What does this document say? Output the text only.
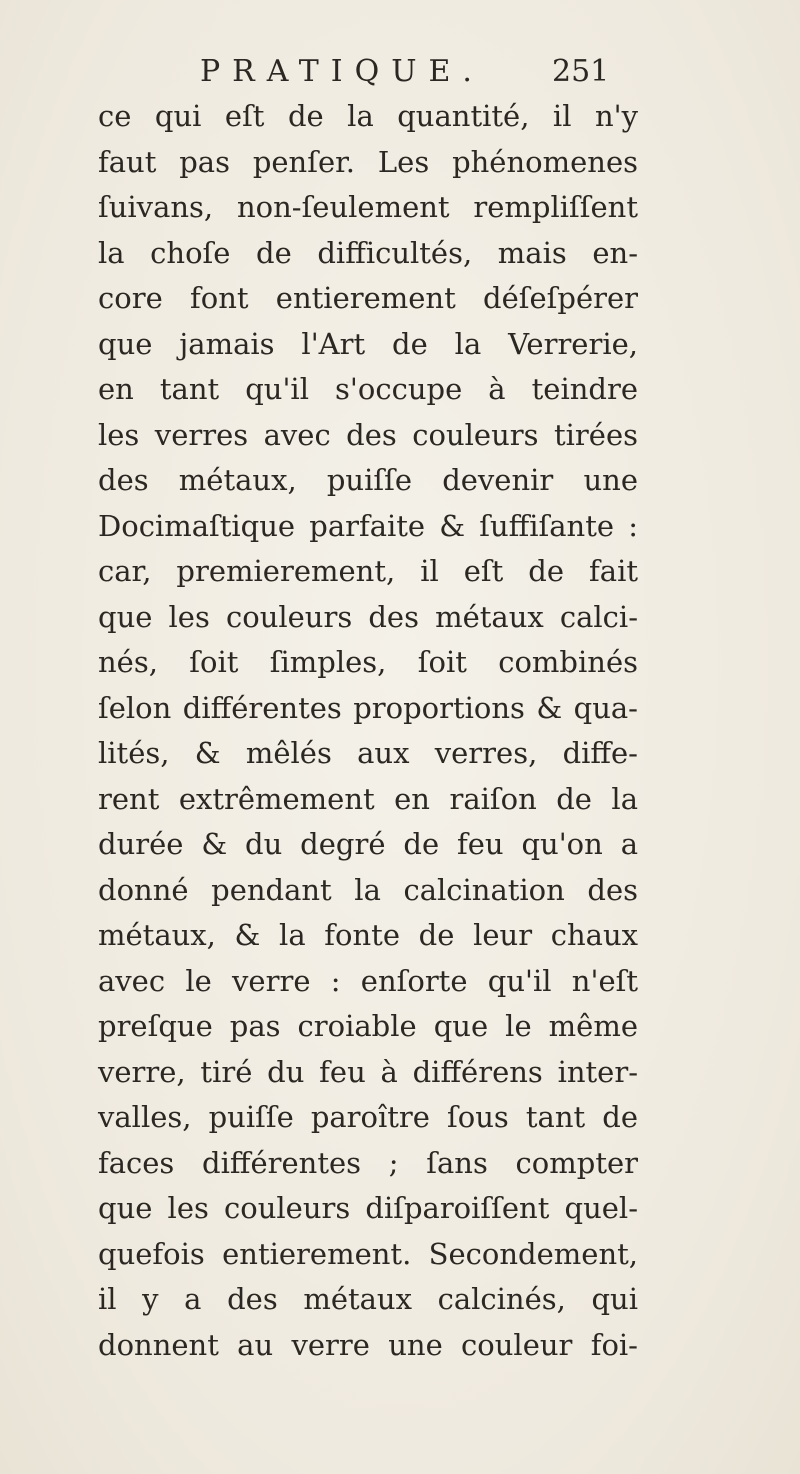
PRATIQUE. 251
ce qui eſt de la quantité, il n'y
faut pas penſer. Les phénomenes
ſuivans, non-ſeulement rempliſſent
la choſe de difficultés, mais en-
core font entierement déſeſpérer
que jamais l'Art de la Verrerie,
en tant qu'il s'occupe à teindre
les verres avec des couleurs tirées
des métaux, puiſſe devenir une
Docimaſtique parfaite & ſuffiſante :
car, premierement, il eſt de fait
que les couleurs des métaux calci-
nés, ſoit ſimples, ſoit combinés
ſelon différentes proportions & qua-
lités, & mêlés aux verres, diffe-
rent extrêmement en raiſon de la
durée & du degré de feu qu'on a
donné pendant la calcination des
métaux, & la fonte de leur chaux
avec le verre : enſorte qu'il n'eſt
preſque pas croiable que le même
verre, tiré du feu à différens inter-
valles, puiſſe paroître ſous tant de
faces différentes ; ſans compter
que les couleurs diſparoiſſent quel-
quefois entierement. Secondement,
il y a des métaux calcinés, qui
donnent au verre une couleur foi-
